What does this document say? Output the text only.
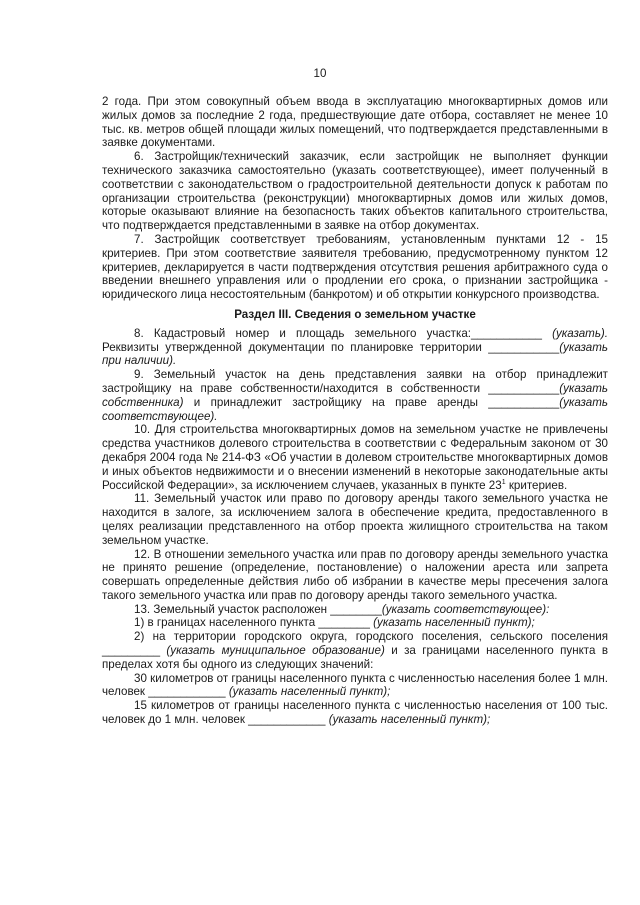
10

2 года. При этом совокупный объем ввода в эксплуатацию многоквартирных домов или жилых домов за последние 2 года, предшествующие дате отбора, составляет не менее 10 тыс. кв. метров общей площади жилых помещений, что подтверждается представленными в заявке документами.

6. Застройщик/технический заказчик, если застройщик не выполняет функции технического заказчика самостоятельно (указать соответствующее), имеет полученный в соответствии с законодательством о градостроительной деятельности допуск к работам по организации строительства (реконструкции) многоквартирных домов или жилых домов, которые оказывают влияние на безопасность таких объектов капитального строительства, что подтверждается представленными в заявке на отбор документах.

7. Застройщик соответствует требованиям, установленным пунктами 12 - 15 критериев. При этом соответствие заявителя требованию, предусмотренному пунктом 12 критериев, декларируется в части подтверждения отсутствия решения арбитражного суда о введении внешнего управления или о продлении его срока, о признании застройщика - юридического лица несостоятельным (банкротом) и об открытии конкурсного производства.

Раздел III. Сведения о земельном участке

8. Кадастровый номер и площадь земельного участка:___________ (указать). Реквизиты утвержденной документации по планировке территории ___________(указать при наличии).

9. Земельный участок на день представления заявки на отбор принадлежит застройщику на праве собственности/находится в собственности ___________(указать собственника) и принадлежит застройщику на праве аренды ___________(указать соответствующее).

10. Для строительства многоквартирных домов на земельном участке не привлечены средства участников долевого строительства в соответствии с Федеральным законом от 30 декабря 2004 года № 214-ФЗ «Об участии в долевом строительстве многоквартирных домов и иных объектов недвижимости и о внесении изменений в некоторые законодательные акты Российской Федерации», за исключением случаев, указанных в пункте $23^1$ критериев.

11. Земельный участок или право по договору аренды такого земельного участка не находится в залоге, за исключением залога в обеспечение кредита, предоставленного в целях реализации представленного на отбор проекта жилищного строительства на таком земельном участке.

12. В отношении земельного участка или прав по договору аренды земельного участка не принято решение (определение, постановление) о наложении ареста или запрета совершать определенные действия либо об избрании в качестве меры пресечения залога такого земельного участка или прав по договору аренды такого земельного участка.

13. Земельный участок расположен ________(указать соответствующее):

1) в границах населенного пункта ________ (указать населенный пункт);

2) на территории городского округа, городского поселения, сельского поселения _________ (указать муниципальное образование) и за границами населенного пункта в пределах хотя бы одного из следующих значений:

30 километров от границы населенного пункта с численностью населения более 1 млн. человек ____________ (указать населенный пункт);

15 километров от границы населенного пункта с численностью населения от 100 тыс. человек до 1 млн. человек ____________ (указать населенный пункт);
